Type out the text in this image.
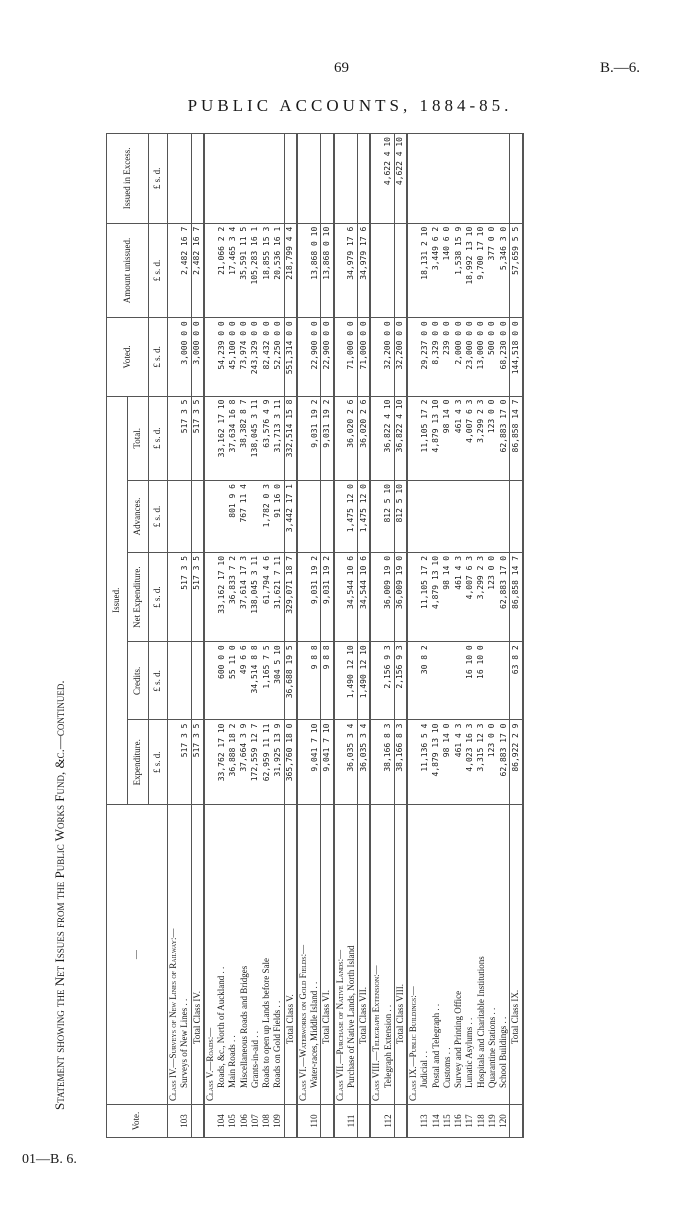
69	B.—6.
PUBLIC ACCOUNTS, 1884-85.
Statement showing the Net Issues from the Public Works Fund, &c.—continued.
Vote.	—	Issued.					Voted.	Amount unissued.	Issued in Excess.
		Expenditure.	Credits.	Net Expenditure.	Advances.	Total.			
		£ s. d.	£ s. d.	£ s. d.	£ s. d.	£ s. d.	£ s. d.	£ s. d.	£ s. d.
	Class IV.—Surveys of New Lines of Railway:—								
103	Surveys of New Lines . .	517 3 5		517 3 5		517 3 5	3,000 0 0	2,482 16 7	
	Total Class IV.	517 3 5		517 3 5		517 3 5	3,000 0 0	2,482 16 7	
	Class V.—Roads:—								
104	Roads, &c., North of Auckland . .	33,762 17 10	600 0 0	33,162 17 10		33,162 17 10	54,239 0 0	21,066 2 2	
105	Main Roads . .	36,888 18 2	55 11 0	36,833 7 2	801 9 6	37,634 16 8	45,100 0 0	17,465 3 4	
106	Miscellaneous Roads and Bridges	37,664 3 9	49 6 6	37,614 17 3	767 11 4	38,382 8 7	73,974 0 0	35,591 11 5	
107	Grants-in-aid . .	172,559 12 7	34,514 8 8	138,045 3 11		138,045 3 11	243,329 0 0	105,283 16 1	
108	Roads to open up Lands before Sale	62,959 11 11	1,165 7 5	61,794 4 6	1,782 0 3	63,576 4 9	82,432 0 0	18,855 15 3	
109	Roads on Gold Fields . .	31,925 13 9	304 5 10	31,621 7 11	91 16 0	31,713 3 11	52,250 0 0	20,536 16 1	
	Total Class V.	365,760 18 0	36,688 19 5	329,071 18 7	3,442 17 1	332,514 15 8	551,314 0 0	218,799 4 4	
	Class VI.—Waterworks on Gold Fields:—								
110	Water-races, Middle Island . .	9,041 7 10	9 8 8	9,031 19 2		9,031 19 2	22,900 0 0	13,868 0 10	
	Total Class VI.	9,041 7 10	9 8 8	9,031 19 2		9,031 19 2	22,900 0 0	13,868 0 10	
	Class VII.—Purchase of Native Lands:—								
111	Purchase of Native Lands, North Island	36,035 3 4	1,490 12 10	34,544 10 6	1,475 12 0	36,020 2 6	71,000 0 0	34,979 17 6	
	Total Class VII.	36,035 3 4	1,490 12 10	34,544 10 6	1,475 12 0	36,020 2 6	71,000 0 0	34,979 17 6	
	Class VIII.—Telegraph Extension:—								
112	Telegraph Extension . .	38,166 8 3	2,156 9 3	36,009 19 0	812 5 10	36,822 4 10	32,200 0 0		4,622 4 10
	Total Class VIII.	38,166 8 3	2,156 9 3	36,009 19 0	812 5 10	36,822 4 10	32,200 0 0		4,622 4 10
	Class IX.—Public Buildings:—								
113	Judicial . .	11,136 5 4	30 8 2	11,105 17 2		11,105 17 2	29,237 0 0	18,131 2 10	
114	Postal and Telegraph . .	4,879 13 10		4,879 13 10		4,879 13 10	8,329 0 0	3,449 6 2	
115	Customs . .	98 14 0		98 14 0		98 14 0	239 0 0	140 6 0	
116	Survey and Printing Office	461 4 3		461 4 3		461 4 3	2,000 0 0	1,538 15 9	
117	Lunatic Asylums . .	4,023 16 3	16 10 0	4,007 6 3		4,007 6 3	23,000 0 0	18,992 13 10	
118	Hospitals and Charitable Institutions	3,315 12 3	16 10 0	3,299 2 3		3,299 2 3	13,000 0 0	9,700 17 10	
119	Quarantine Stations . .	123 0 0		123 0 0		123 0 0	500 0 0	377 0 0	
120	School Buildings . .	62,883 17 0		62,883 17 0		62,883 17 0	68,230 0 0	5,346 3 0	
	Total Class IX.	86,922 2 9	63 8 2	86,858 14 7		86,858 14 7	144,518 0 0	57,659 5 5	
01—B. 6.
